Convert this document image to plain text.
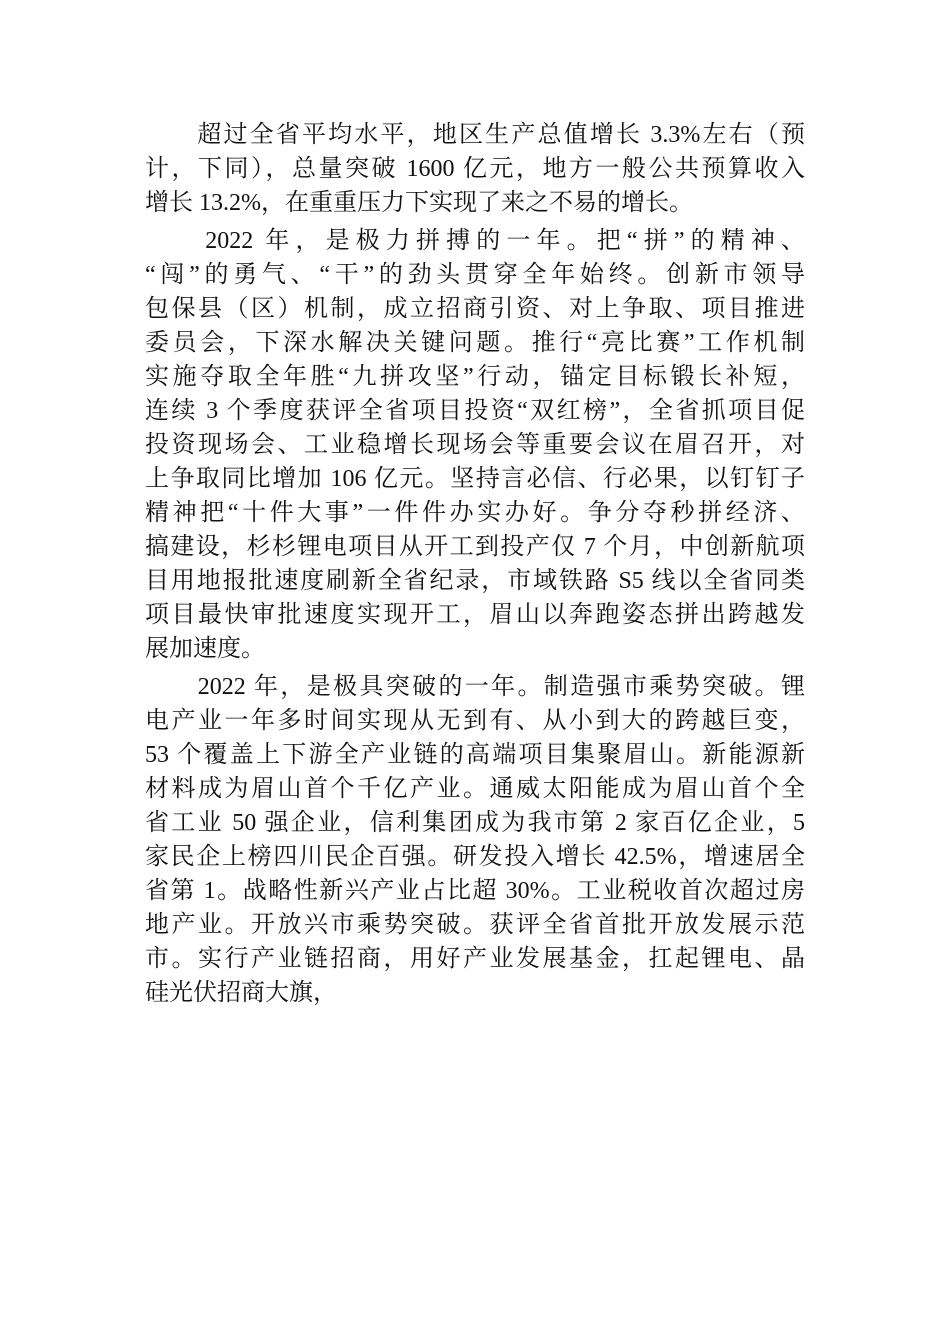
　　超过全省平均水平，地区生产总值增长 3.3%左右（预
计，下同），总量突破 1600 亿元，地方一般公共预算收入
增长 13.2%，在重重压力下实现了来之不易的增长。
　　2022 年，是极力拼搏的一年。把“拼”的精神、
“闯”的勇气、“干”的劲头贯穿全年始终。创新市领导
包保县（区）机制，成立招商引资、对上争取、项目推进
委员会，下深水解决关键问题。推行“亮比赛”工作机制
实施夺取全年胜“九拼攻坚”行动，锚定目标锻长补短，
连续 3 个季度获评全省项目投资“双红榜”，全省抓项目促
投资现场会、工业稳增长现场会等重要会议在眉召开，对
上争取同比增加 106 亿元。坚持言必信、行必果，以钉钉子
精神把“十件大事”一件件办实办好。争分夺秒拼经济、
搞建设，杉杉锂电项目从开工到投产仅 7 个月，中创新航项
目用地报批速度刷新全省纪录，市域铁路 S5 线以全省同类
项目最快审批速度实现开工，眉山以奔跑姿态拼出跨越发
展加速度。
　　2022 年，是极具突破的一年。制造强市乘势突破。锂
电产业一年多时间实现从无到有、从小到大的跨越巨变，
53 个覆盖上下游全产业链的高端项目集聚眉山。新能源新
材料成为眉山首个千亿产业。通威太阳能成为眉山首个全
省工业 50 强企业，信利集团成为我市第 2 家百亿企业，5
家民企上榜四川民企百强。研发投入增长 42.5%，增速居全
省第 1。战略性新兴产业占比超 30%。工业税收首次超过房
地产业。开放兴市乘势突破。获评全省首批开放发展示范
市。实行产业链招商，用好产业发展基金，扛起锂电、晶
硅光伏招商大旗，
